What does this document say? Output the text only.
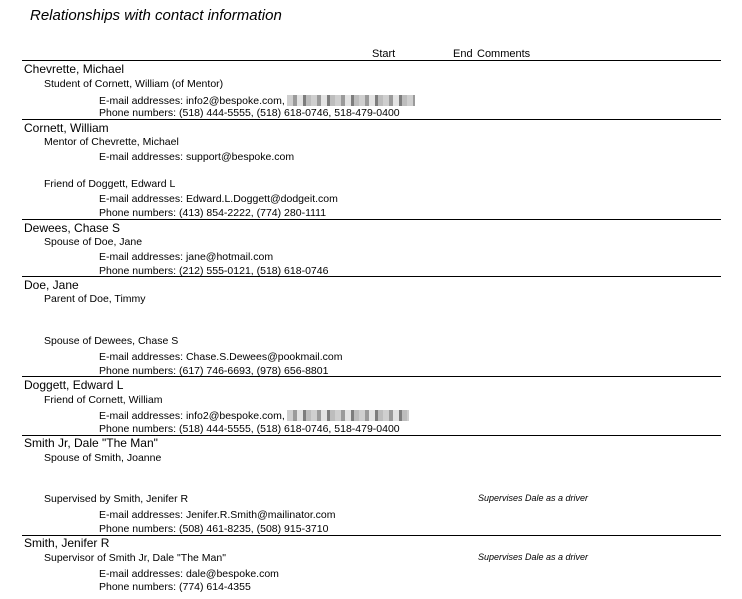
Relationships with contact information
Start	End Comments
Chevrette, Michael
Student of Cornett, William (of Mentor)
E-mail addresses: info2@bespoke.com,
Phone numbers: (518) 444-5555, (518) 618-0746, 518-479-0400
Cornett, William
Mentor of Chevrette, Michael
E-mail addresses: support@bespoke.com
Friend of Doggett, Edward L
E-mail addresses: Edward.L.Doggett@dodgeit.com
Phone numbers: (413) 854-2222, (774) 280-1111
Dewees, Chase S
Spouse of Doe, Jane
E-mail addresses: jane@hotmail.com
Phone numbers: (212) 555-0121, (518) 618-0746
Doe, Jane
Parent of Doe, Timmy
Spouse of Dewees, Chase S
E-mail addresses: Chase.S.Dewees@pookmail.com
Phone numbers: (617) 746-6693, (978) 656-8801
Doggett, Edward L
Friend of Cornett, William
E-mail addresses: info2@bespoke.com,
Phone numbers: (518) 444-5555, (518) 618-0746, 518-479-0400
Smith Jr, Dale "The Man"
Spouse of Smith, Joanne
Supervised by Smith, Jenifer R	Supervises Dale as a driver
E-mail addresses: Jenifer.R.Smith@mailinator.com
Phone numbers: (508) 461-8235, (508) 915-3710
Smith, Jenifer R
Supervisor of Smith Jr, Dale "The Man"	Supervises Dale as a driver
E-mail addresses: dale@bespoke.com
Phone numbers: (774) 614-4355
